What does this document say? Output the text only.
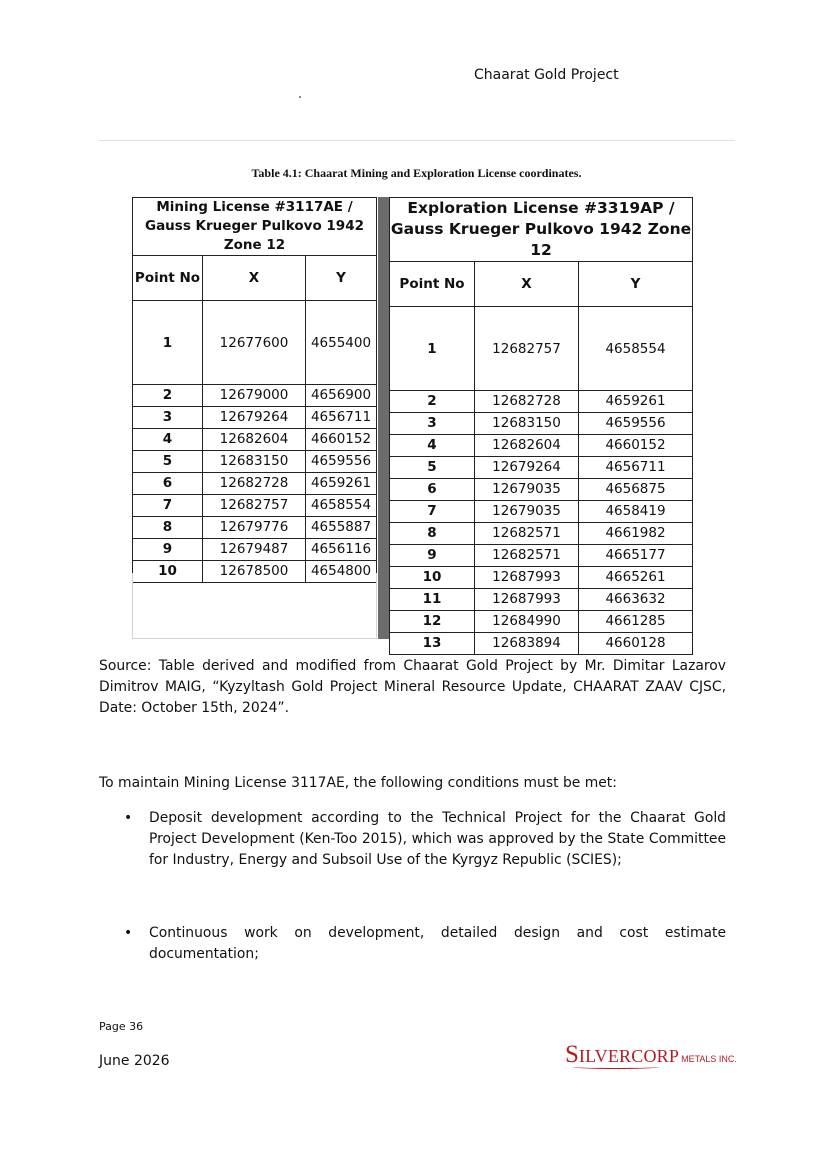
Chaarat Gold Project
Table 4.1: Chaarat Mining and Exploration License coordinates.
Mining License #3117AE / Gauss Krueger Pulkovo 1942 Zone 12		
Point No	X	Y
1	12677600	4655400
2	12679000	4656900
3	12679264	4656711
4	12682604	4660152
5	12683150	4659556
6	12682728	4659261
7	12682757	4658554
8	12679776	4655887
9	12679487	4656116
10	12678500	4654800
Exploration License #3319AP / Gauss Krueger Pulkovo 1942 Zone 12		
Point No	X	Y
1	12682757	4658554
2	12682728	4659261
3	12683150	4659556
4	12682604	4660152
5	12679264	4656711
6	12679035	4656875
7	12679035	4658419
8	12682571	4661982
9	12682571	4665177
10	12687993	4665261
11	12687993	4663632
12	12684990	4661285
13	12683894	4660128
Source: Table derived and modified from Chaarat Gold Project by Mr. Dimitar Lazarov Dimitrov MAIG, “Kyzyltash Gold Project Mineral Resource Update, CHAARAT ZAAV CJSC, Date: October 15th, 2024”.
To maintain Mining License 3117AE, the following conditions must be met:
• Deposit development according to the Technical Project for the Chaarat Gold Project Development (Ken-Too 2015), which was approved by the State Committee for Industry, Energy and Subsoil Use of the Kyrgyz Republic (SCIES);
• Continuous work on development, detailed design and cost estimate documentation;
Page 36
June 2026	SILVERCORP METALS INC.
